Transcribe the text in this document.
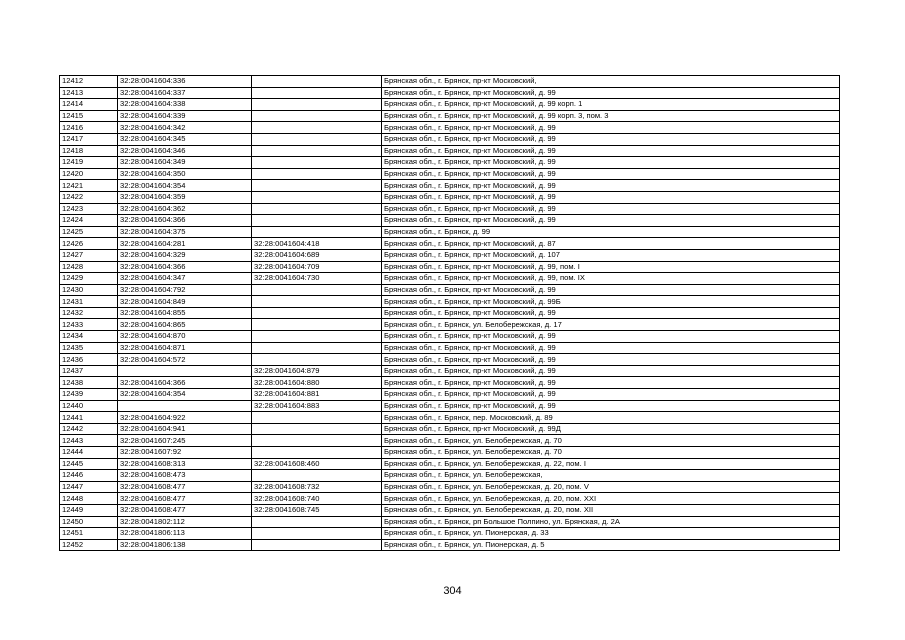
12412	32:28:0041604:336		Брянская обл., г. Брянск, пр-кт Московский,
12413	32:28:0041604:337		Брянская обл., г. Брянск, пр-кт Московский, д. 99
12414	32:28:0041604:338		Брянская обл., г. Брянск, пр-кт Московский, д. 99 корп. 1
12415	32:28:0041604:339		Брянская обл., г. Брянск, пр-кт Московский, д. 99 корп. 3, пом. 3
12416	32:28:0041604:342		Брянская обл., г. Брянск, пр-кт Московский, д. 99
12417	32:28:0041604:345		Брянская обл., г. Брянск, пр-кт Московский, д. 99
12418	32:28:0041604:346		Брянская обл., г. Брянск, пр-кт Московский, д. 99
12419	32:28:0041604:349		Брянская обл., г. Брянск, пр-кт Московский, д. 99
12420	32:28:0041604:350		Брянская обл., г. Брянск, пр-кт Московский, д. 99
12421	32:28:0041604:354		Брянская обл., г. Брянск, пр-кт Московский, д. 99
12422	32:28:0041604:359		Брянская обл., г. Брянск, пр-кт Московский, д. 99
12423	32:28:0041604:362		Брянская обл., г. Брянск, пр-кт Московский, д. 99
12424	32:28:0041604:366		Брянская обл., г. Брянск, пр-кт Московский, д. 99
12425	32:28:0041604:375		Брянская обл., г. Брянск, д. 99
12426	32:28:0041604:281	32:28:0041604:418	Брянская обл., г. Брянск, пр-кт Московский, д. 87
12427	32:28:0041604:329	32:28:0041604:689	Брянская обл., г. Брянск, пр-кт Московский, д. 107
12428	32:28:0041604:366	32:28:0041604:709	Брянская обл., г. Брянск, пр-кт Московский, д. 99, пом. I
12429	32:28:0041604:347	32:28:0041604:730	Брянская обл., г. Брянск, пр-кт Московский, д. 99, пом. IX
12430	32:28:0041604:792		Брянская обл., г. Брянск, пр-кт Московский, д. 99
12431	32:28:0041604:849		Брянская обл., г. Брянск, пр-кт Московский, д. 99Б
12432	32:28:0041604:855		Брянская обл., г. Брянск, пр-кт Московский, д. 99
12433	32:28:0041604:865		Брянская обл., г. Брянск, ул. Белобережская, д. 17
12434	32:28:0041604:870		Брянская обл., г. Брянск, пр-кт Московский, д. 99
12435	32:28:0041604:871		Брянская обл., г. Брянск, пр-кт Московский, д. 99
12436	32:28:0041604:572		Брянская обл., г. Брянск, пр-кт Московский, д. 99
12437		32:28:0041604:879	Брянская обл., г. Брянск, пр-кт Московский, д. 99
12438	32:28:0041604:366	32:28:0041604:880	Брянская обл., г. Брянск, пр-кт Московский, д. 99
12439	32:28:0041604:354	32:28:0041604:881	Брянская обл., г. Брянск, пр-кт Московский, д. 99
12440		32:28:0041604:883	Брянская обл., г. Брянск, пр-кт Московский, д. 99
12441	32:28:0041604:922		Брянская обл., г. Брянск, пер. Московский, д. 89
12442	32:28:0041604:941		Брянская обл., г. Брянск, пр-кт Московский, д. 99Д
12443	32:28:0041607:245		Брянская обл., г. Брянск, ул. Белобережская, д. 70
12444	32:28:0041607:92		Брянская обл., г. Брянск, ул. Белобережская, д. 70
12445	32:28:0041608:313	32:28:0041608:460	Брянская обл., г. Брянск, ул. Белобережская, д. 22, пом. I
12446	32:28:0041608:473		Брянская обл., г. Брянск, ул. Белобережская,
12447	32:28:0041608:477	32:28:0041608:732	Брянская обл., г. Брянск, ул. Белобережская, д. 20, пом. V
12448	32:28:0041608:477	32:28:0041608:740	Брянская обл., г. Брянск, ул. Белобережская, д. 20, пом. XXI
12449	32:28:0041608:477	32:28:0041608:745	Брянская обл., г. Брянск, ул. Белобережская, д. 20, пом. XII
12450	32:28:0041802:112		Брянская обл., г. Брянск, рп Большое Полпино, ул. Брянская, д. 2А
12451	32:28:0041806:113		Брянская обл., г. Брянск, ул. Пионерская, д. 33
12452	32:28:0041806:138		Брянская обл., г. Брянск, ул. Пионерская, д. 5
304
